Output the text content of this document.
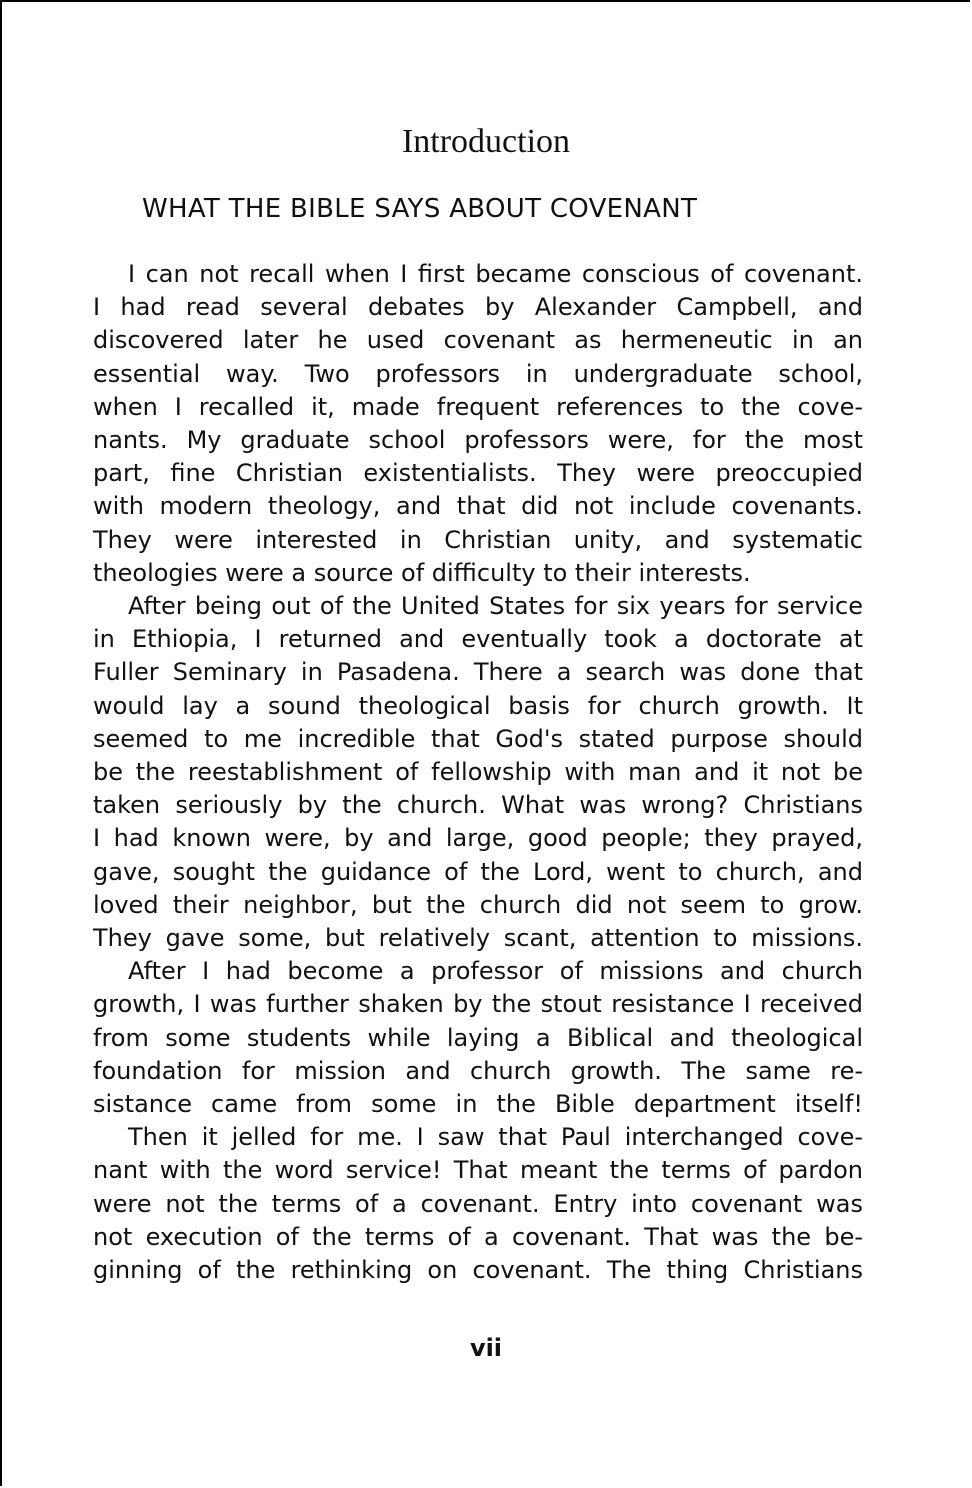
Introduction
WHAT THE BIBLE SAYS ABOUT COVENANT
I can not recall when I first became conscious of covenant.
I had read several debates by Alexander Campbell, and
discovered later he used covenant as hermeneutic in an
essential way. Two professors in undergraduate school,
when I recalled it, made frequent references to the cove-
nants. My graduate school professors were, for the most
part, fine Christian existentialists. They were preoccupied
with modern theology, and that did not include covenants.
They were interested in Christian unity, and systematic
theologies were a source of difficulty to their interests.
After being out of the United States for six years for service
in Ethiopia, I returned and eventually took a doctorate at
Fuller Seminary in Pasadena. There a search was done that
would lay a sound theological basis for church growth. It
seemed to me incredible that God's stated purpose should
be the reestablishment of fellowship with man and it not be
taken seriously by the church. What was wrong? Christians
I had known were, by and large, good people; they prayed,
gave, sought the guidance of the Lord, went to church, and
loved their neighbor, but the church did not seem to grow.
They gave some, but relatively scant, attention to missions.
After I had become a professor of missions and church
growth, I was further shaken by the stout resistance I received
from some students while laying a Biblical and theological
foundation for mission and church growth. The same re-
sistance came from some in the Bible department itself!
Then it jelled for me. I saw that Paul interchanged cove-
nant with the word service! That meant the terms of pardon
were not the terms of a covenant. Entry into covenant was
not execution of the terms of a covenant. That was the be-
ginning of the rethinking on covenant. The thing Christians
vii
